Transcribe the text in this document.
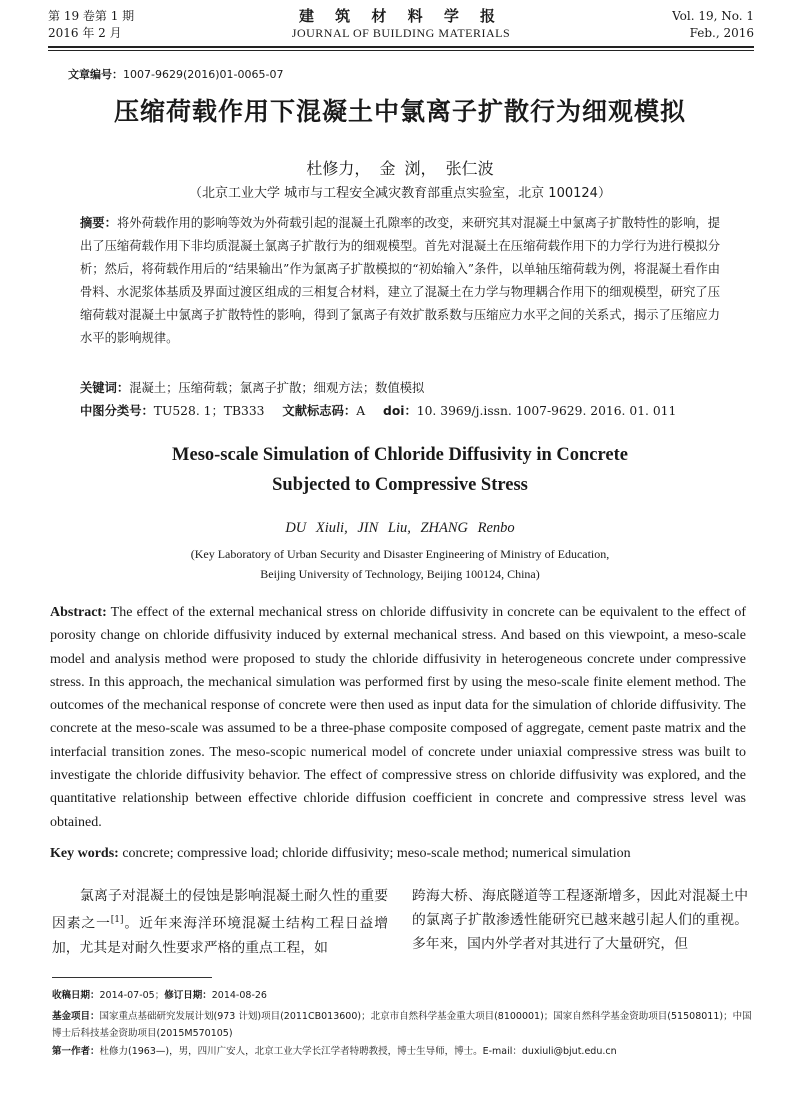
第 19 卷第 1 期
2016 年 2 月
建 筑 材 料 学 报
JOURNAL OF BUILDING MATERIALS
Vol. 19, No. 1
Feb., 2016
文章编号：1007-9629(2016)01-0065-07
压缩荷载作用下混凝土中氯离子扩散行为细观模拟
杜修力， 金 浏， 张仁波
（北京工业大学 城市与工程安全减灾教育部重点实验室，北京 100124）
摘要：将外荷载作用的影响等效为外荷载引起的混凝土孔隙率的改变，来研究其对混凝土中氯离子扩散特性的影响，提出了压缩荷载作用下非均质混凝土氯离子扩散行为的细观模型。首先对混凝土在压缩荷载作用下的力学行为进行模拟分析；然后，将荷载作用后的“结果输出”作为氯离子扩散模拟的“初始输入”条件，以单轴压缩荷载为例，将混凝土看作由骨料、水泥浆体基质及界面过渡区组成的三相复合材料，建立了混凝土在力学与物理耦合作用下的细观模型，研究了压缩荷载对混凝土中氯离子扩散特性的影响，得到了氯离子有效扩散系数与压缩应力水平之间的关系式，揭示了压缩应力水平的影响规律。
关键词：混凝土；压缩荷载；氯离子扩散；细观方法；数值模拟
中图分类号：TU528. 1；TB333 文献标志码：A doi：10. 3969/j.issn. 1007-9629. 2016. 01. 011
Meso-scale Simulation of Chloride Diffusivity in Concrete
Subjected to Compressive Stress
DU Xiuli, JIN Liu, ZHANG Renbo
(Key Laboratory of Urban Security and Disaster Engineering of Ministry of Education,
Beijing University of Technology, Beijing 100124, China)
Abstract: The effect of the external mechanical stress on chloride diffusivity in concrete can be equivalent to the effect of porosity change on chloride diffusivity induced by external mechanical stress. And based on this viewpoint, a meso-scale model and analysis method were proposed to study the chloride diffusivity in heterogeneous concrete under compressive stress. In this approach, the mechanical simulation was performed first by using the meso-scale finite element method. The outcomes of the mechanical response of concrete were then used as input data for the simulation of chloride diffusivity. The concrete at the meso-scale was assumed to be a three-phase composite composed of aggregate, cement paste matrix and the interfacial transition zones. The meso-scopic numerical model of concrete under uniaxial compressive stress was built to investigate the chloride diffusivity behavior. The effect of compressive stress on chloride diffusivity was explored, and the quantitative relationship between effective chloride diffusion coefficient in concrete and compressive stress level was obtained.
Key words: concrete; compressive load; chloride diffusivity; meso-scale method; numerical simulation
氯离子对混凝土的侵蚀是影响混凝土耐久性的重要因素之一[1]。近年来海洋环境混凝土结构工程日益增加，尤其是对耐久性要求严格的重点工程，如
跨海大桥、海底隧道等工程逐渐增多，因此对混凝土中的氯离子扩散渗透性能研究已越来越引起人们的重视。多年来，国内外学者对其进行了大量研究，但
收稿日期：2014-07-05；修订日期：2014-08-26
基金项目：国家重点基础研究发展计划(973 计划)项目(2011CB013600)；北京市自然科学基金重大项目(8100001)；国家自然科学基金资助项目(51508011)；中国博士后科技基金资助项目(2015M570105)
第一作者：杜修力(1963—)，男，四川广安人，北京工业大学长江学者特聘教授，博士生导师，博士。E-mail：duxiuli@bjut.edu.cn
